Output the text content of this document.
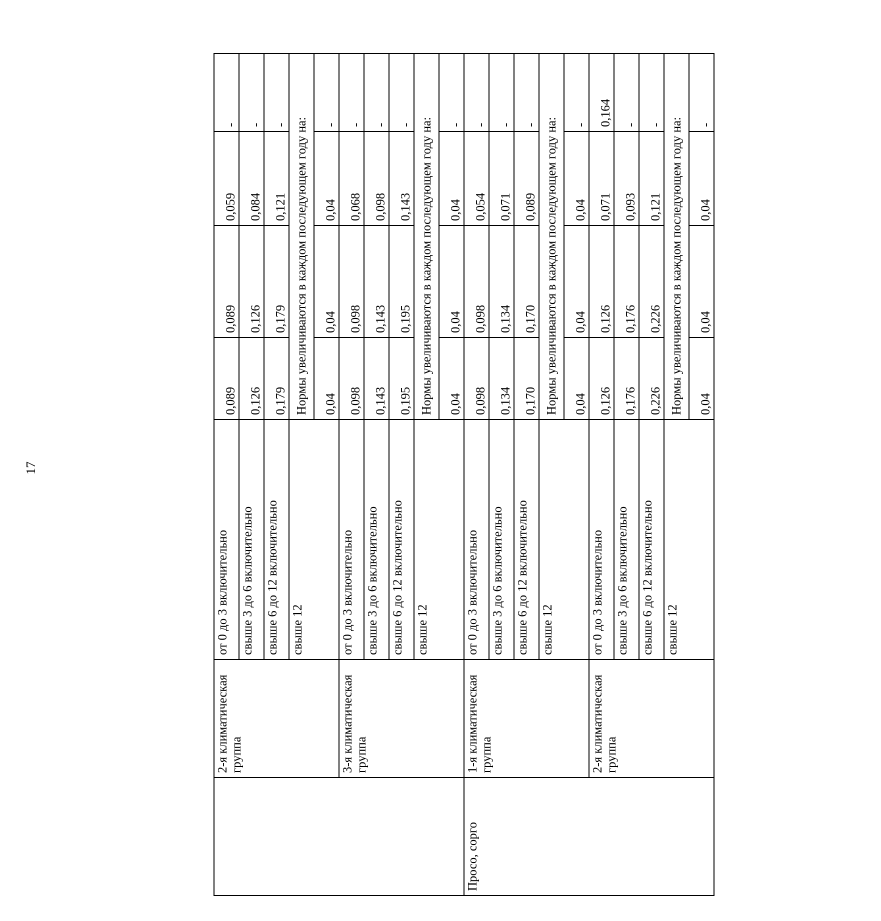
17
	2-я климатическая группа	от 0 до 3 включительно	0,089	0,089	0,059	-
		свыше 3 до 6 включительно	0,126	0,126	0,084	-
		свыше 6 до 12 включительно	0,179	0,179	0,121	-
		свыше 12	Нормы увеличиваются в каждом последующем году на:			
			0,04	0,04	0,04	-
	3-я климатическая группа	от 0 до 3 включительно	0,098	0,098	0,068	-
		свыше 3 до 6 включительно	0,143	0,143	0,098	-
		свыше 6 до 12 включительно	0,195	0,195	0,143	-
		свыше 12	Нормы увеличиваются в каждом последующем году на:			
			0,04	0,04	0,04	-
Просо, сорго	1-я климатическая группа	от 0 до 3 включительно	0,098	0,098	0,054	-
		свыше 3 до 6 включительно	0,134	0,134	0,071	-
		свыше 6 до 12 включительно	0,170	0,170	0,089	-
		свыше 12	Нормы увеличиваются в каждом последующем году на:			
			0,04	0,04	0,04	-
	2-я климатическая группа	от 0 до 3 включительно	0,126	0,126	0,071	0,164
		свыше 3 до 6 включительно	0,176	0,176	0,093	-
		свыше 6 до 12 включительно	0,226	0,226	0,121	-
		свыше 12	Нормы увеличиваются в каждом последующем году на:			
			0,04	0,04	0,04	-
